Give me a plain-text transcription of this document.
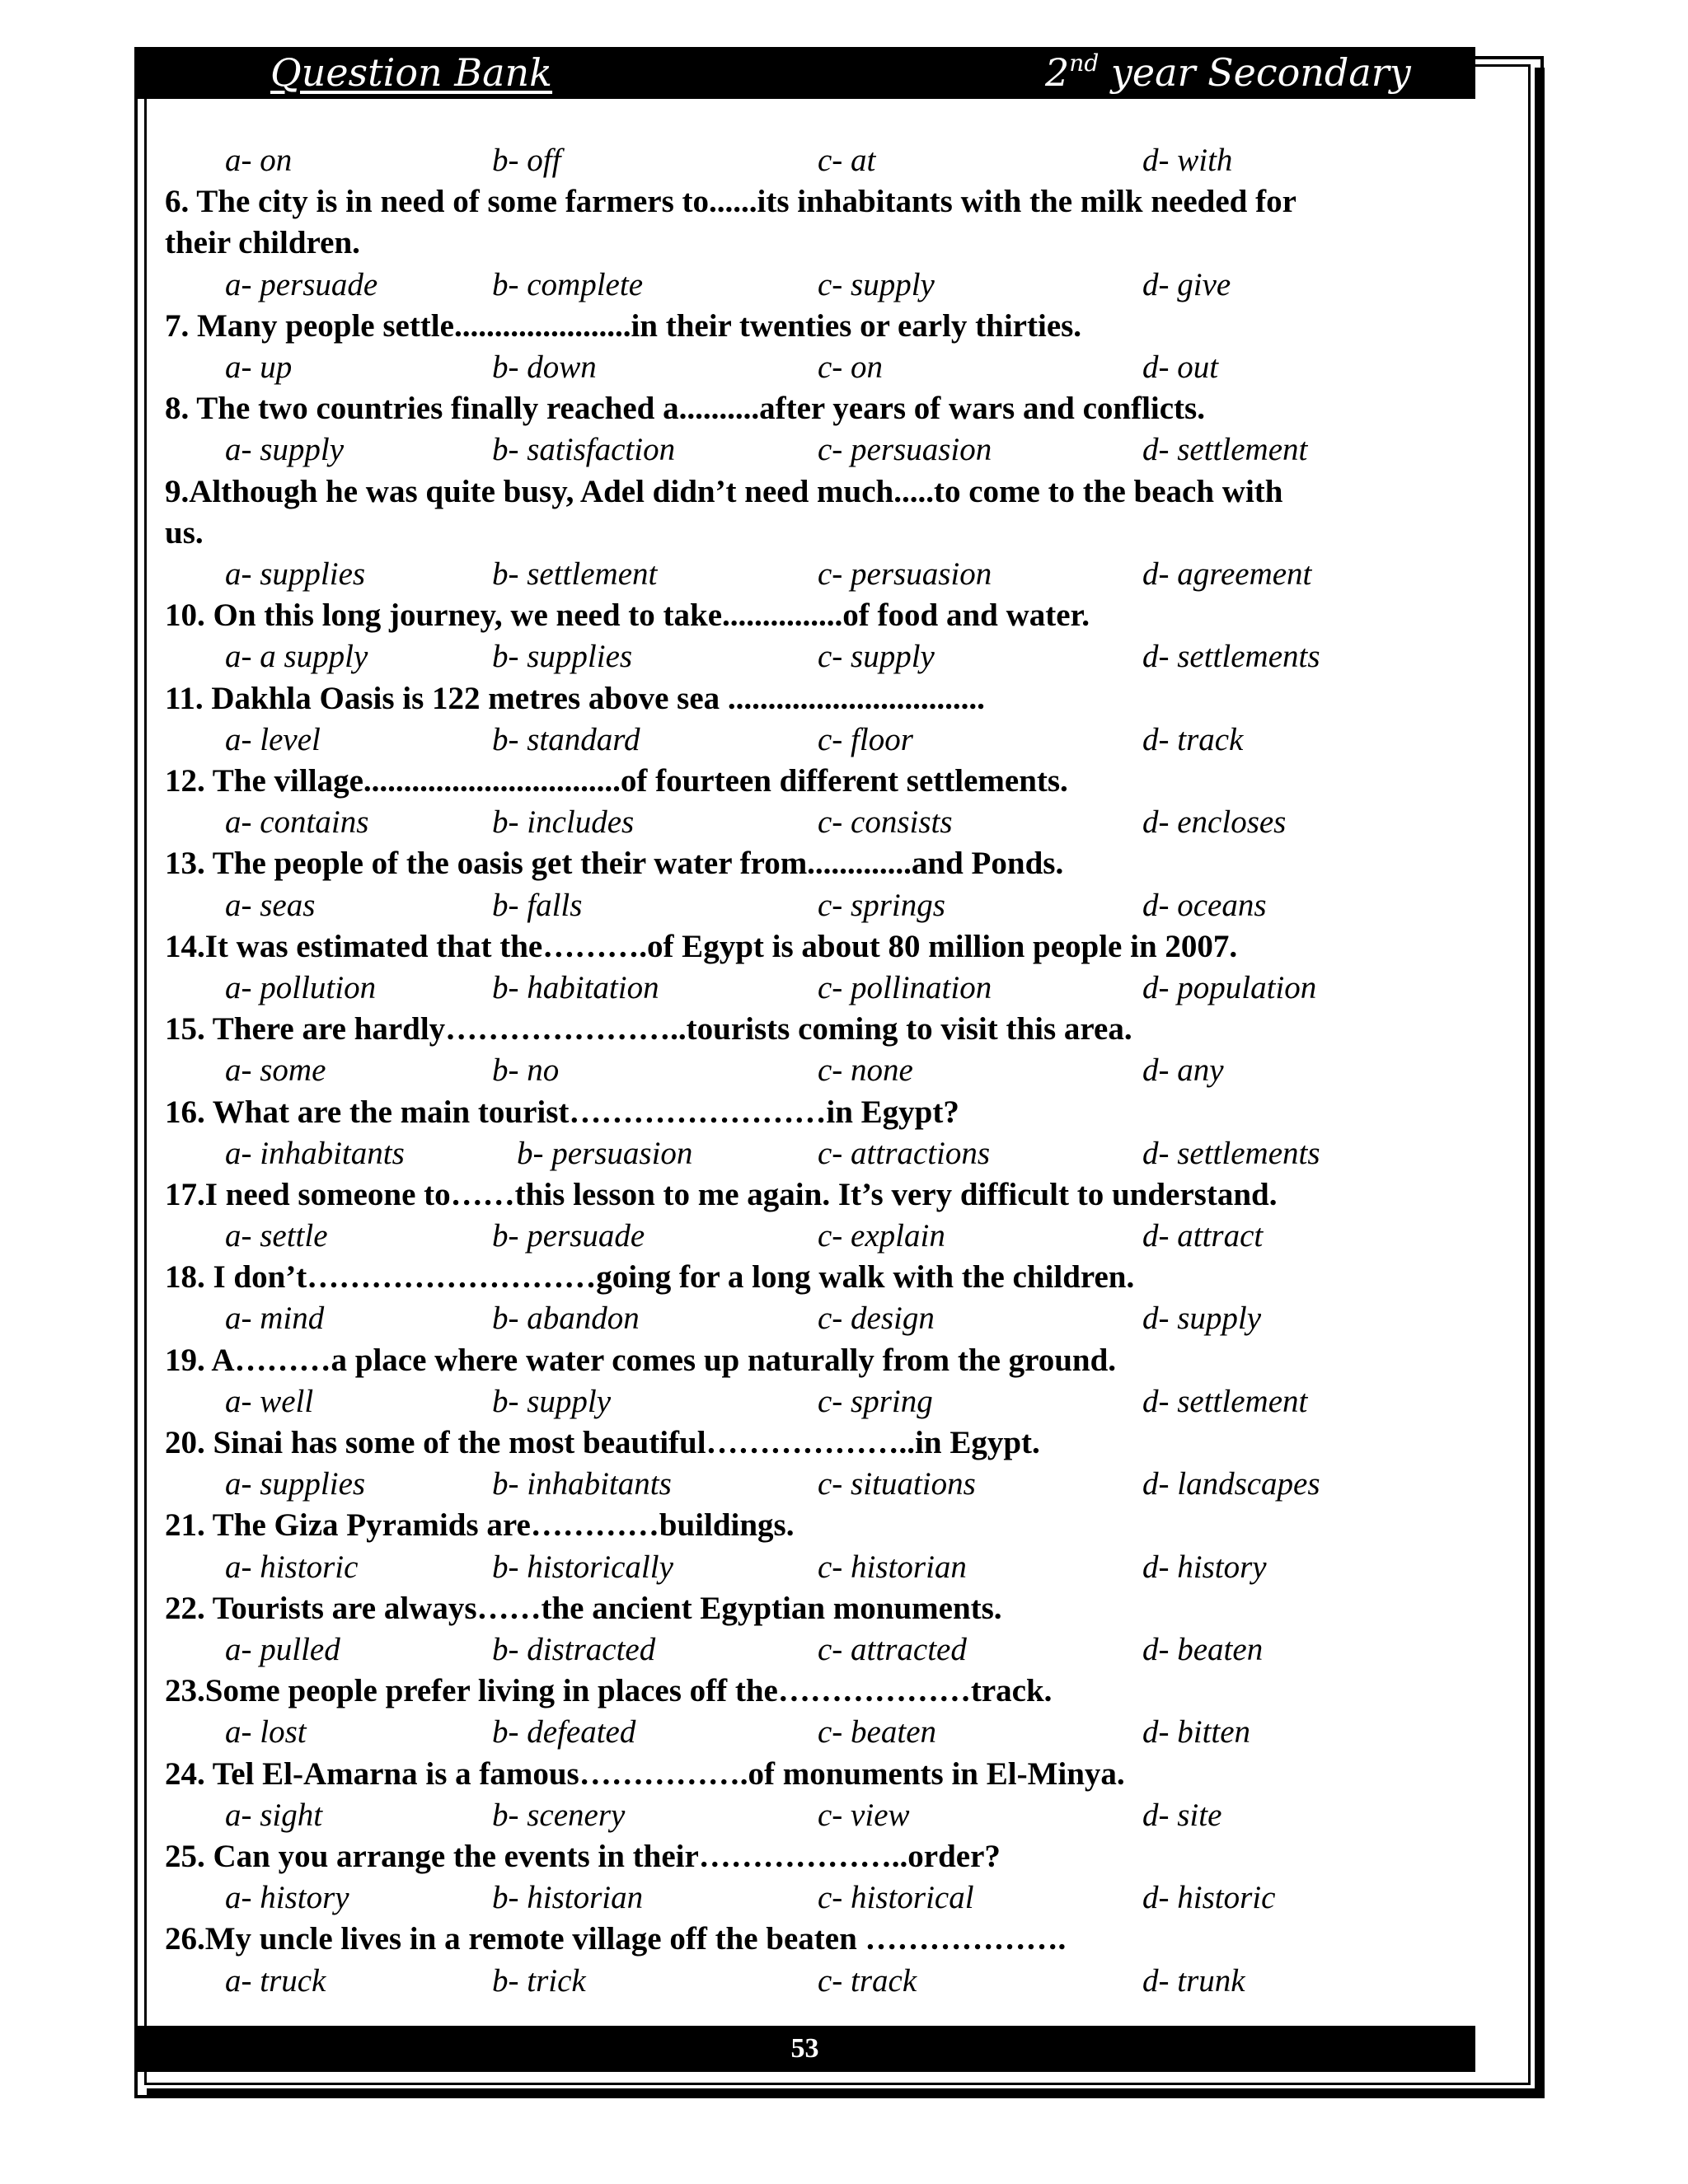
Question Bank	2nd year Secondary
a- on	b- off	c- at	d- with
6. The city is in need of some farmers to......its inhabitants with the milk needed for
their children.
a- persuade	b- complete	c- supply	d- give
7. Many people settle......................in their twenties or early thirties.
a- up	b- down	c- on	d- out
8. The two countries finally reached a..........after years of wars and conflicts.
a- supply	b- satisfaction	c- persuasion	d- settlement
9.Although he was quite busy, Adel didn’t need much.....to come to the beach with
us.
a- supplies	b- settlement	c- persuasion	d- agreement
10. On this long journey, we need to take...............of food and water.
a- a supply	b- supplies	c- supply	d- settlements
11. Dakhla Oasis is 122 metres above sea ................................
a- level	b- standard	c- floor	d- track
12. The village................................of fourteen different settlements.
a- contains	b- includes	c- consists	d- encloses
13. The people of the oasis get their water from.............and Ponds.
a- seas	b- falls	c- springs	d- oceans
14.It was estimated that the……….of Egypt is about 80 million people in 2007.
a- pollution	b- habitation	c- pollination	d- population
15. There are hardly…………………..tourists coming to visit this area.
a- some	b- no	c- none	d- any
16. What are the main tourist……………………in Egypt?
a- inhabitants	b- persuasion	c- attractions	d- settlements
17.I need someone to……this lesson to me again. It’s very difficult to understand.
a- settle	b- persuade	c- explain	d- attract
18. I don’t………………………going for a long walk with the children.
a- mind	b- abandon	c- design	d- supply
19. A………a place where water comes up naturally from the ground.
a- well	b- supply	c- spring	d- settlement
20. Sinai has some of the most beautiful………………..in Egypt.
a- supplies	b- inhabitants	c- situations	d- landscapes
21. The Giza Pyramids are…………buildings.
a- historic	b- historically	c- historian	d- history
22. Tourists are always……the ancient Egyptian monuments.
a- pulled	b- distracted	c- attracted	d- beaten
23.Some people prefer living in places off the………………track.
a- lost	b- defeated	c- beaten	d- bitten
24. Tel El-Amarna is a famous…………….of monuments in El-Minya.
a- sight	b- scenery	c- view	d- site
25. Can you arrange the events in their………………..order?
a- history	b- historian	c- historical	d- historic
26.My uncle lives in a remote village off the beaten ……………….
a- truck	b- trick	c- track	d- trunk
53
